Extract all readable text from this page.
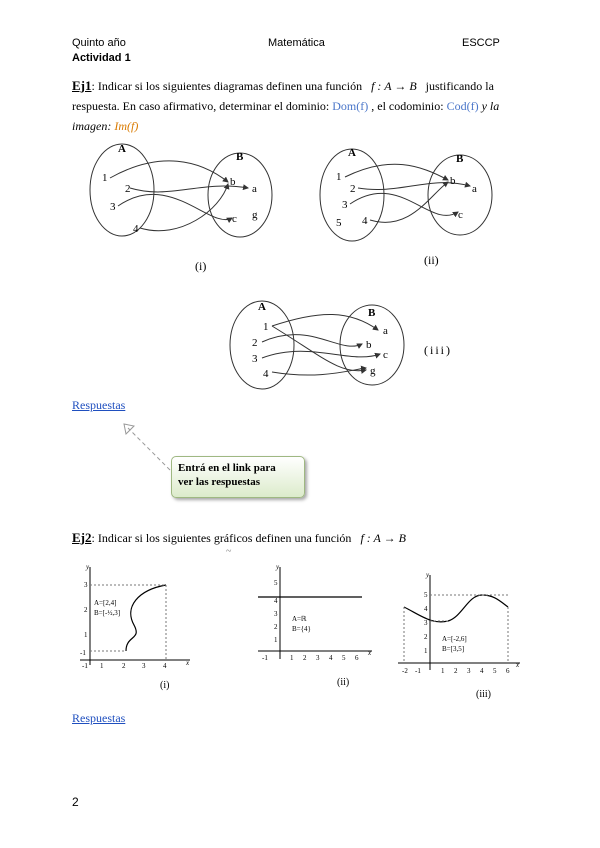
Quinto año	Matemática	ESCCP
Actividad 1
Ej1: Indicar si los siguientes diagramas definen una función f : A → B justificando la respuesta. En caso afirmativo, determinar el dominio: Dom(f) , el codominio: Cod(f) y la imagen: Im(f)
A
B
1
2
3
4
b
a
c g
(i)
A	B
1
2
3
4
5
b
a
c
(ii)
A	B
1
2
3
4
a
b
c
g
(iii)
Respuestas
Entrá en el link para
ver las respuestas
Ej2: Indicar si los siguientes gráficos definen una función f : A → B
~
y
x
A=[2,4]
B=[-½,3]
-1 1	2 3	4
3
2
1
-1
(i)
y
x
A=ℝ
B={4}
-1	1 2 3 4 5 6
5
4
3
2
1
(ii)
y
x
A=[-2,6]
B=[3,5]
-2 -1	1 2 3 4 5 6
5
4
3
2
1
(iii)
Respuestas
2
